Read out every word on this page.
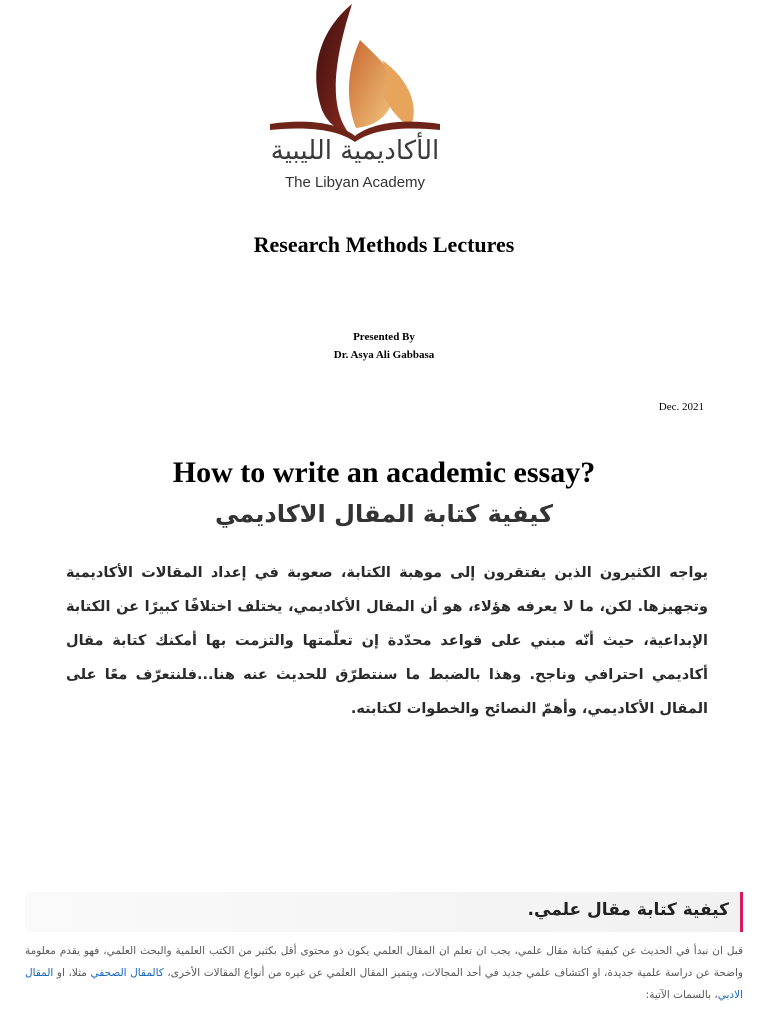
الأكاديمية الليبية
The Libyan Academy
Research Methods Lectures
Presented By
Dr. Asya Ali Gabbasa
Dec. 2021
How to write an academic essay?
كيفية كتابة المقال الاكاديمي
يواجه الكثيرون الذين يفتقرون إلى موهبة الكتابة، صعوبة في إعداد المقالات الأكاديمية وتجهيزها. لكن، ما لا يعرفه هؤلاء، هو أن المقال الأكاديمي، يختلف اختلافًا كبيرًا عن الكتابة الإبداعية، حيث أنّه مبني على قواعد محدّدة إن تعلّمتها والتزمت بها أمكنك كتابة مقال أكاديمي احترافي وناجح. وهذا بالضبط ما سنتطرّق للحديث عنه هنا...فلنتعرّف معًا على المقال الأكاديمي، وأهمّ النصائح والخطوات لكتابته.
كيفية كتابة مقال علمي.
قبل ان نبدأ في الحديث عن كيفية كتابة مقال علمي، يجب ان تعلم ان المقال العلمي يكون ذو محتوى أقل بكثير من الكتب العلمية والبحث العلمي، فهو يقدم معلومة واضحة عن دراسة علمية جديدة، او اكتشاف علمي جديد في أحد المجالات، ويتميز المقال العلمي عن غيره من أنواع المقالات الأخرى، كالمقال الصحفي مثلا، او المقال الادبي، بالسمات الآتية:
